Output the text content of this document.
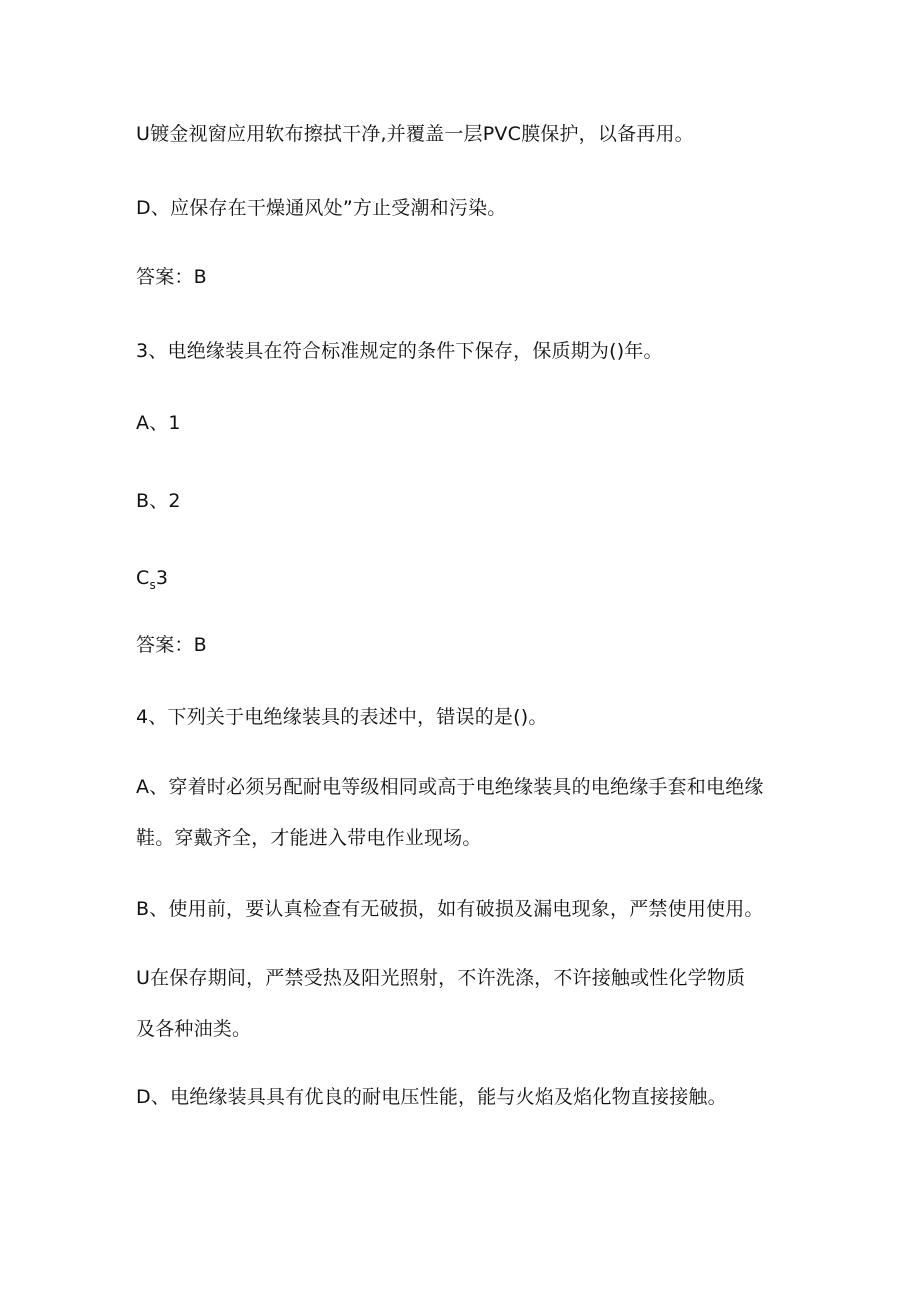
U镀金视窗应用软布擦拭干净,并覆盖一层PVC膜保护，以备再用。
D、应保存在干燥通风处”方止受潮和污染。
答案：B
3、电绝缘装具在符合标准规定的条件下保存，保质期为()年。
A、1
B、2
$C_s3$
答案：B
4、下列关于电绝缘装具的表述中，错误的是()。
A、穿着时必须另配耐电等级相同或高于电绝缘装具的电绝缘手套和电绝缘
鞋。穿戴齐全，才能进入带电作业现场。
B、使用前，要认真检查有无破损，如有破损及漏电现象，严禁使用使用。
U在保存期间，严禁受热及阳光照射，不许洗涤，不许接触或性化学物质
及各种油类。
D、电绝缘装具具有优良的耐电压性能，能与火焰及焰化物直接接触。
